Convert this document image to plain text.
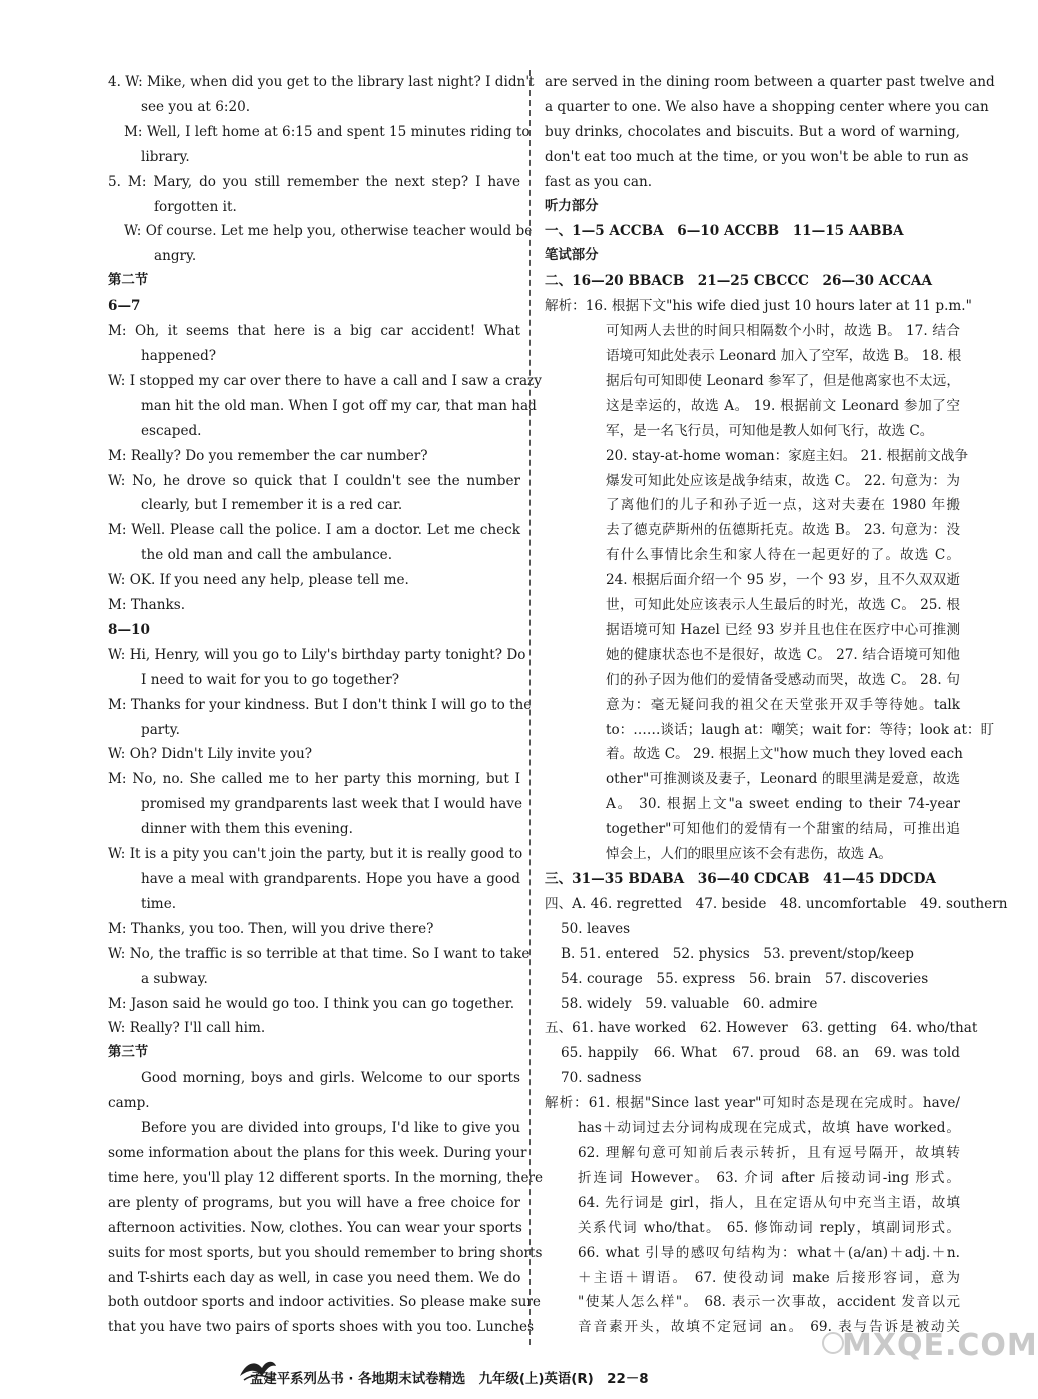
4. W: Mike, when did you get to the library last night? I didn't
see you at 6:20.
M: Well, I left home at 6:15 and spent 15 minutes riding to
library.
5. M: Mary, do you still remember the next step? I have
forgotten it.
W: Of course. Let me help you, otherwise teacher would be
angry.
第二节
6—7
M: Oh, it seems that here is a big car accident! What
happened?
W: I stopped my car over there to have a call and I saw a crazy
man hit the old man. When I got off my car, that man had
escaped.
M: Really? Do you remember the car number?
W: No, he drove so quick that I couldn't see the number
clearly, but I remember it is a red car.
M: Well. Please call the police. I am a doctor. Let me check
the old man and call the ambulance.
W: OK. If you need any help, please tell me.
M: Thanks.
8—10
W: Hi, Henry, will you go to Lily's birthday party tonight? Do
I need to wait for you to go together?
M: Thanks for your kindness. But I don't think I will go to the
party.
W: Oh? Didn't Lily invite you?
M: No, no. She called me to her party this morning, but I
promised my grandparents last week that I would have
dinner with them this evening.
W: It is a pity you can't join the party, but it is really good to
have a meal with grandparents. Hope you have a good
time.
M: Thanks, you too. Then, will you drive there?
W: No, the traffic is so terrible at that time. So I want to take
a subway.
M: Jason said he would go too. I think you can go together.
W: Really? I'll call him.
第三节
Good morning, boys and girls. Welcome to our sports
camp.
Before you are divided into groups, I'd like to give you
some information about the plans for this week. During your
time here, you'll play 12 different sports. In the morning, there
are plenty of programs, but you will have a free choice for
afternoon activities. Now, clothes. You can wear your sports
suits for most sports, but you should remember to bring shorts
and T-shirts each day as well, in case you need them. We do
both outdoor sports and indoor activities. So please make sure
that you have two pairs of sports shoes with you too. Lunches
are served in the dining room between a quarter past twelve and
a quarter to one. We also have a shopping center where you can
buy drinks, chocolates and biscuits. But a word of warning,
don't eat too much at the time, or you won't be able to run as
fast as you can.
听力部分
一、1—5 ACCBA　6—10 ACCBB　11—15 AABBA
笔试部分
二、16—20 BBACB　21—25 CBCCC　26—30 ACCAA
解析：16. 根据下文"his wife died just 10 hours later at 11 p.m."
可知两人去世的时间只相隔数个小时，故选 B。 17. 结合
语境可知此处表示 Leonard 加入了空军，故选 B。 18. 根
据后句可知即使 Leonard 参军了，但是他离家也不太远，
这是幸运的，故选 A。 19. 根据前文 Leonard 参加了空
军，是一名飞行员，可知他是教人如何飞行，故选 C。
20. stay-at-home woman：家庭主妇。 21. 根据前文战争
爆发可知此处应该是战争结束，故选 C。 22. 句意为：为
了离他们的儿子和孙子近一点，这对夫妻在 1980 年搬
去了德克萨斯州的伍德斯托克。故选 B。 23. 句意为：没
有什么事情比余生和家人待在一起更好的了。故选 C。
24. 根据后面介绍一个 95 岁，一个 93 岁，且不久双双逝
世，可知此处应该表示人生最后的时光，故选 C。 25. 根
据语境可知 Hazel 已经 93 岁并且也住在医疗中心可推测
她的健康状态也不是很好，故选 C。 27. 结合语境可知他
们的孙子因为他们的爱情备受感动而哭，故选 C。 28. 句
意为：毫无疑问我的祖父在天堂张开双手等待她。talk
to：……谈话；laugh at：嘲笑；wait for：等待；look at：盯
着。故选 C。 29. 根据上文"how much they loved each
other"可推测谈及妻子，Leonard 的眼里满是爱意，故选
A。 30. 根据上文"a sweet ending to their 74-year
together"可知他们的爱情有一个甜蜜的结局，可推出追
悼会上，人们的眼里应该不会有悲伤，故选 A。
三、31—35 BDABA　36—40 CDCAB　41—45 DDCDA
四、A. 46. regretted　47. beside　48. uncomfortable　49. southern
50. leaves
B. 51. entered　52. physics　53. prevent/stop/keep
54. courage　55. express　56. brain　57. discoveries
58. widely　59. valuable　60. admire
五、61. have worked　62. However　63. getting　64. who/that
65. happily　66. What　67. proud　68. an　69. was told
70. sadness
解析：61. 根据"Since last year"可知时态是现在完成时。have/
has＋动词过去分词构成现在完成式，故填 have worked。
62. 理解句意可知前后表示转折，且有逗号隔开，故填转
折连词 However。 63. 介词 after 后接动词-ing 形式。
64. 先行词是 girl，指人，且在定语从句中充当主语，故填
关系代词 who/that。 65. 修饰动词 reply，填副词形式。
66. what 引导的感叹句结构为：what＋(a/an)＋adj.＋n.
＋主语＋谓语。 67. 使役动词 make 后接形容词，意为
"使某人怎么样"。 68. 表示一次事故，accident 发音以元
音音素开头，故填不定冠词 an。 69. 表与告诉是被动关
孟建平系列丛书 · 各地期末试卷精选　九年级(上)英语(R)　22－8
MXQE.COM
